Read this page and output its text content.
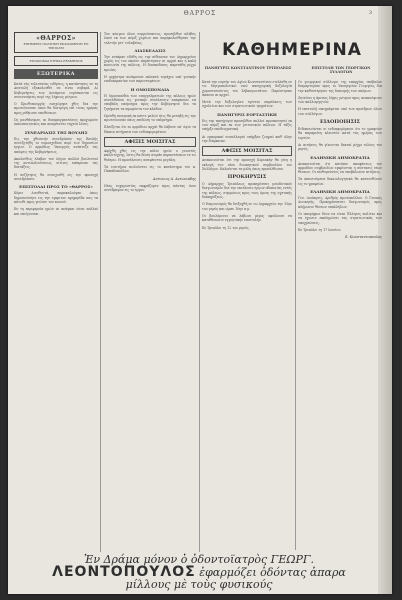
ΘΑΡΡΟΣ	3
«ΘΑΡΡΟΣ»
ΕΦΗΜΕΡΙΣ ΠΟΛΙΤΙΚΗ ΕΚΔΙΔΟΜΕΝΗ ΕΝ ΤΡΙΠΟΛΕΙ
ΣΥΝΔΡΟΜΑΙ ΕΤΗΣΙΑ ΕΞΑΜΗΝΟΣ
ΕΞΩΤΕΡΙΚΑ

Κατά τάς τελευταίας ειδήσεις, η κατάστασις εν τη Ανατολή εξακολουθεί να είναι σοβαρά. Αι Κυβερνήσεις των Δυνάμεων ευρίσκονται εις συνεννοήσεις περί της λήψεως μέτρων.

Ο Πρωθυπουργός ανεχώρησε χθες δια την πρωτεύουσαν όπου θα διατρίψη επί τινας ημέρας προς ρύθμισιν υποθέσεων.

Ως μανθάνομεν, αι διαπραγματεύσεις προχωρούν ικανοποιητικώς και αναμένεται ταχεία λύσις.

ΣΥΝΕΔΡΙΑΣΙΣ ΤΗΣ ΒΟΥΛΗΣ

Εις την χθεσινήν συνεδρίασιν της Βουλής συνεζητήθη το νομοσχέδιον περί των δημοσίων έργων. Ο αρμόδιος Υπουργός ανέπτυξε τας απόψεις της Κυβερνήσεως.

Ακολούθως έλαβον τον λόγον πολλοί βουλευταί της αντιπολιτεύσεως, οίτινες επέκριναν τας διατάξεις.

Η συζήτησις θα συνεχισθή εις την προσεχή συνεδρίασιν.

ΕΠΙΣΤΟΛΑΙ ΠΡΟΣ ΤΟ «ΘΑΡΡΟΣ»

Κύριε Διευθυντά, παρακαλούμεν όπως δημοσιεύσητε εις την εγκριτον εφημερίδα σας τα κάτωθι προς γνώσιν του κοινού.

Εν τη περιφερεία ημών αι ανάγκαι είναι πολλαί και επείγουσαι.

Του κόσμου όλου συρρεύσαντος, προσήλθον πλήθος λαού εκ των πέριξ χωρίων και παρηκολούθησαν την τελετήν μετ' ευλαβείας.

ΔΙΑΣΚΕΔΑΣΙΣ

Την εσπέραν εδόθη εις την αίθουσαν του Δημαρχείου χορός εις τον οποίον παρέστησαν αι αρχαί και η καλή κοινωνία της πόλεως. Η διασκέδασις παρετάθη μέχρι πρωίας.

Η ορχήστρα ανέκρουσε εκλεκτά τεμάχια υπό γενικήν επιδοκιμασίαν των παρισταμένων.

Η ΟΜΟΣΠΟΝΔΙΑ

Η Ομοσπονδία των επαγγελματιών της πόλεως ημών συνελθούσα εις γενικήν συνέλευσιν απεφάσισε να υποβάλη υπόμνημα προς την Κυβέρνησιν δια τα ζητήματα τα αφορώντα τον κλάδον.

Ωρίσθη επιτροπή εκ πέντε μελών ήτις θα μεταβή εις την πρωτεύουσαν όπως επιδώση το υπόμνημα.

Ελπίζεται ότι αι αρμόδιαι αρχαί θα λάβουν υπ' όψιν τα δίκαια αιτήματα των ενδιαφερομένων.

ΑΦΙΞΙΣ ΜΟΙΣΙΤΑΣ

Αφίχθη χθες εις την πόλιν ημών ο γνωστός καλλιτέχνης, όστις θα δώση σειράν παραστάσεων εν τω θεάτρω. Η προσέλευσις αναμένεται μεγάλη.

Τα εισιτήρια πωλούνται εις το κατάστημα του κ. Παπαδοπούλου.

Αντωνιος Α. Αντωνιαδης

Νέας ευχαριστίας εκφράζομεν προς πάντας όσοι συνέδραμον εις το έργον.

ΚΑΘΗΜΕΡΙΝΑ
ΠΑΝΗΓΥΡΙΣ ΚΩΝΣΤΑΝΤΙΝΟΥ ΤΡΙΠΟΛΕΩΣ	ΕΠΙΣΤΟΛΗ ΤΩΝ ΓΕΩΡΓΙΚΩΝ ΣΥΛΛΟΓΩΝ

Κατά την εορτήν του Αγίου Κωνσταντίνου ετελέσθη εν τω Μητροπολιτικώ ναώ πανηγυρική δοξολογία χοροστατούντος του Σεβασμιωτάτου. Παρέστησαν άπασαι αι αρχαί.

Μετά την δοξολογίαν εγένετο παρέλασις των σχολείων και των στρατιωτικών τμημάτων.

ΠΑΝΗΓΥΡΙΣ ΕΟΡΤΑΣΤΙΚΗ

Εις την πανήγυριν προσήλθον πολλοί προσκυνηταί εκ των πέριξ και εκ των γειτονικών πόλεων. Η τάξις υπήρξε υποδειγματική.

Αι εμπορικαί συναλλαγαί υπήρξαν ζωηραί καθ' όλην την διάρκειαν.

ΑΦΙΞΙΣ ΜΟΙΣΙΤΑΣ

Ανακοινούται ότι την προσεχή Κυριακήν θα γίνη η εκλογή του νέου διοικητικού συμβουλίου του Συλλόγου. Καλούνται τα μέλη όπως προσέλθωσιν.

ΠΡΟΚΗΡΥΞΙΣ

Ο Δήμαρχος Τριπόλεως προκηρύσσει μειοδοτικόν διαγωνισμόν δια την εκτέλεσιν έργων οδοποιίας εντός της πόλεως, συμφώνως προς τους όρους της σχετικής διακηρύξεως.

Ο διαγωνισμός θα διεξαχθή εν τω Δημαρχείω την 15ην του μηνός και ώραν 10ην π.μ.

Οι βουλόμενοι να λάβωσι μέρος οφείλουσι να καταθέσωσιν εγγυητικήν επιστολήν.

Εν Τριπόλει τη 12 του μηνός.

Οι γεωργικοί σύλλογοι της επαρχίας υπέβαλον διαμαρτυρίαν προς το Υπουργείον Γεωργίας δια την καθυστέρησιν της διανομής των σπόρων.

Ζητείται η άμεσος λήψις μέτρων προς ανακούφισιν των καλλιεργητών.

Η επιστολή υπογράφεται υπό των προέδρων όλων των συλλόγων.

ΕΙΔΟΠΟΙΗΣΙΣ

Ειδοποιούνται οι ενδιαφερόμενοι ότι το γραφείον θα παραμείνη κλειστόν κατά τας ημέρας των εορτών.

Αι αιτήσεις θα γίνωνται δεκταί μέχρι τέλους του μηνός.

ΕΛΛΗΝΙΚΗ ΔΗΜΟΚΡΑΤΙΑ

Ανακοινούται ότι κατόπιν αποφάσεως του αρμοδίου συμβουλίου εγκρίνεται η σύστασις νέων θέσεων. Οι επιθυμούντες να υποβάλωσιν αιτήσεις.

Τα απαιτούμενα δικαιολογητικά θα κατατεθώσιν εις το γραφείον.

ΕΛΛΗΝΙΚΗ ΔΗΜΟΚΡΑΤΙΑ

Γεν. Διοίκησις. Αριθμός πρωτοκόλλου. Ο Γενικός Διοικητής. Προκηρύσσεται διαγωνισμός προς πλήρωσιν θέσεων υπαλλήλων.

Οι υποψήφιοι δέον να είναι Έλληνες πολίται και να έχωσιν εκπληρώσει τας στρατιωτικάς των υποχρεώσεις.

Εν Τριπόλει τη 17 Ιουνίου.

Ε. Κωνσταντοπουλος
Ἐν Δράμα μόνον ὁ ὀδοντοϊατρὸς ΓΕΩΡΓ.
ΛΕΟΝΤΟΠΟΥΛΟΣ ἐφαρμόζει ὀδόντας ἀπαρα
μίλλους μὲ τοὺς φυσικούς
